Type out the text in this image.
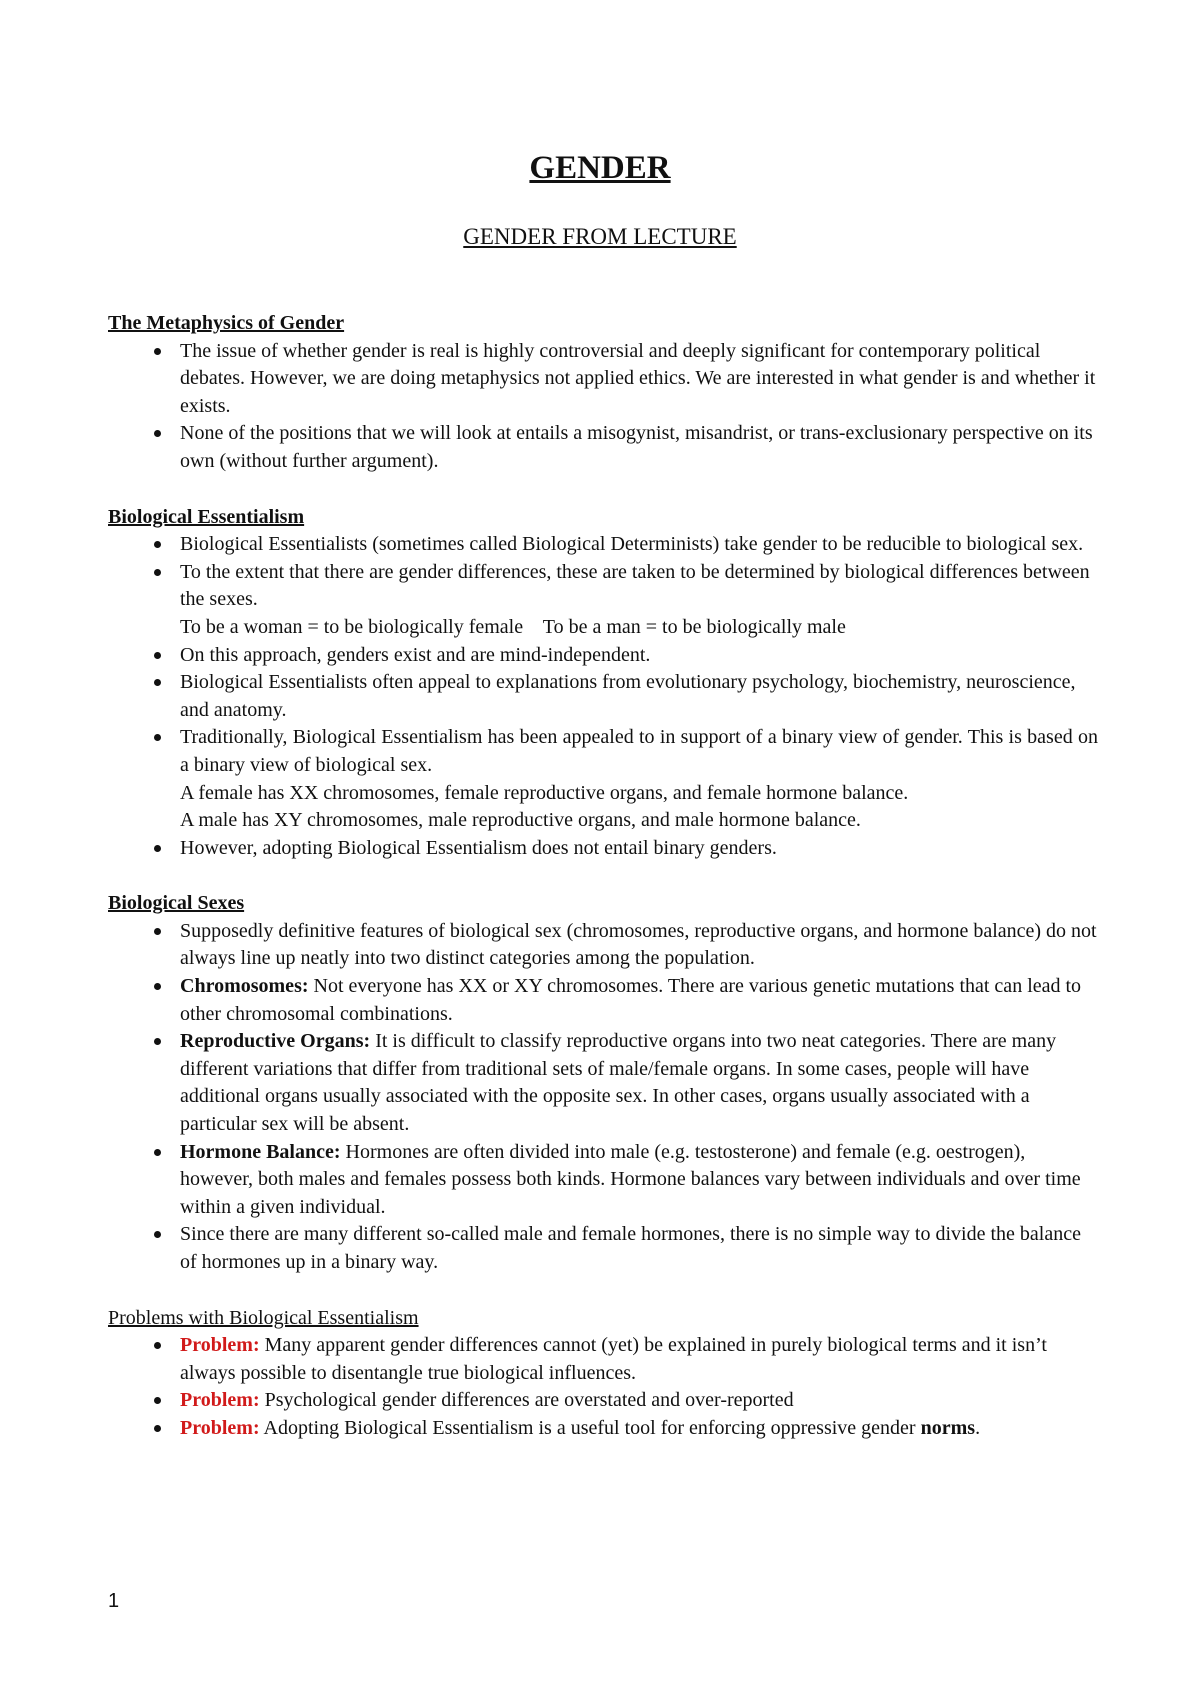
GENDER
GENDER FROM LECTURE

The Metaphysics of Gender

The issue of whether gender is real is highly controversial and deeply significant for contemporary political debates. However, we are doing metaphysics not applied ethics. We are interested in what gender is and whether it exists.
None of the positions that we will look at entails a misogynist, misandrist, or trans-exclusionary perspective on its own (without further argument).

Biological Essentialism

Biological Essentialists (sometimes called Biological Determinists) take gender to be reducible to biological sex.
To the extent that there are gender differences, these are taken to be determined by biological differences between the sexes.
To be a woman = to be biologically female    To be a man = to be biologically male
On this approach, genders exist and are mind-independent.
Biological Essentialists often appeal to explanations from evolutionary psychology, biochemistry, neuroscience, and anatomy.
Traditionally, Biological Essentialism has been appealed to in support of a binary view of gender. This is based on a binary view of biological sex.
A female has XX chromosomes, female reproductive organs, and female hormone balance.
A male has XY chromosomes, male reproductive organs, and male hormone balance.
However, adopting Biological Essentialism does not entail binary genders.

Biological Sexes

Supposedly definitive features of biological sex (chromosomes, reproductive organs, and hormone balance) do not always line up neatly into two distinct categories among the population.
Chromosomes: Not everyone has XX or XY chromosomes. There are various genetic mutations that can lead to other chromosomal combinations.
Reproductive Organs: It is difficult to classify reproductive organs into two neat categories. There are many different variations that differ from traditional sets of male/female organs. In some cases, people will have additional organs usually associated with the opposite sex. In other cases, organs usually associated with a particular sex will be absent.
Hormone Balance: Hormones are often divided into male (e.g. testosterone) and female (e.g. oestrogen), however, both males and females possess both kinds. Hormone balances vary between individuals and over time within a given individual.
Since there are many different so-called male and female hormones, there is no simple way to divide the balance of hormones up in a binary way.

Problems with Biological Essentialism

Problem: Many apparent gender differences cannot (yet) be explained in purely biological terms and it isn’t always possible to disentangle true biological influences.
Problem: Psychological gender differences are overstated and over-reported
Problem: Adopting Biological Essentialism is a useful tool for enforcing oppressive gender norms.
1
